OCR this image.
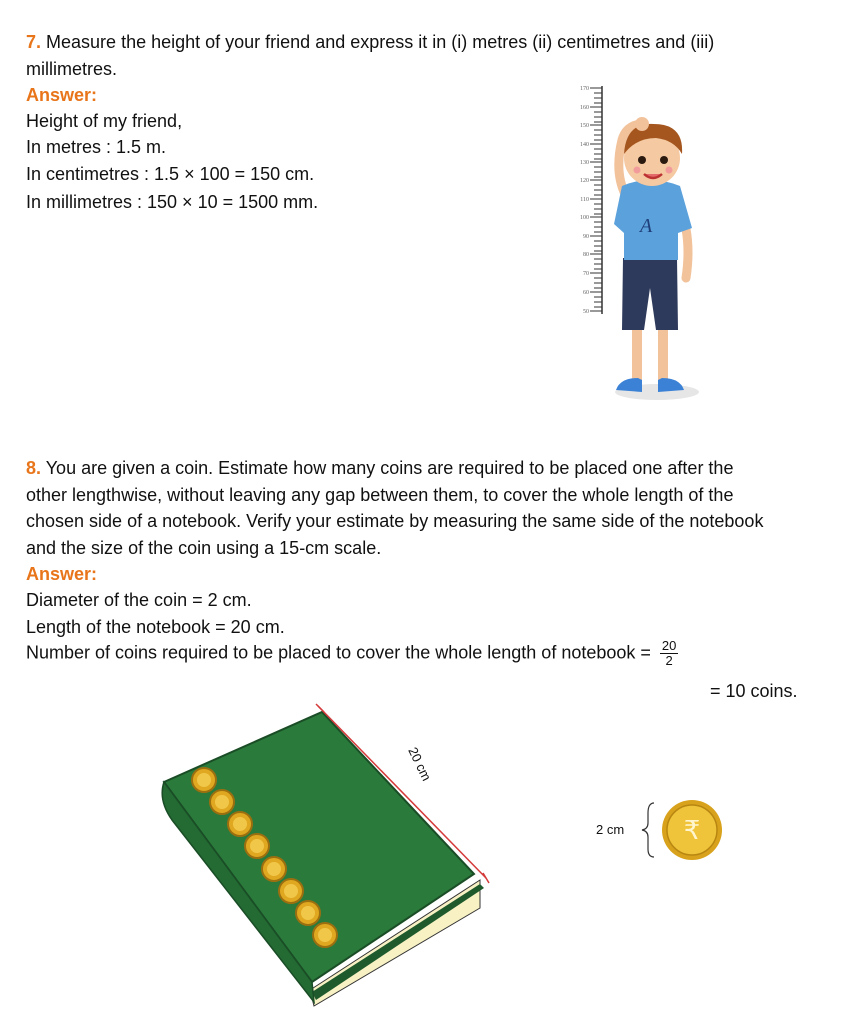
7. Measure the height of your friend and express it in (i) metres (ii) centimetres and (iii)
millimetres.
Answer:
Height of my friend,
In metres : 1.5 m.
In centimetres : 1.5 × 100 = 150 cm.
In millimetres : 150 × 10 = 1500 mm.
170
160
150
140
130
120
110
100
90
80
70
60
50
A
8. You are given a coin. Estimate how many coins are required to be placed one after the
other lengthwise, without leaving any gap between them, to cover the whole length of the
chosen side of a notebook. Verify your estimate by measuring the same side of the notebook
and the size of the coin using a 15-cm scale.
Answer:
Diameter of the coin = 2 cm.
Length of the notebook = 20 cm.
Number of coins required to be placed to cover the whole length of notebook = $\frac{20}{2}$
= 10 coins.
20 cm
2 cm ₹
